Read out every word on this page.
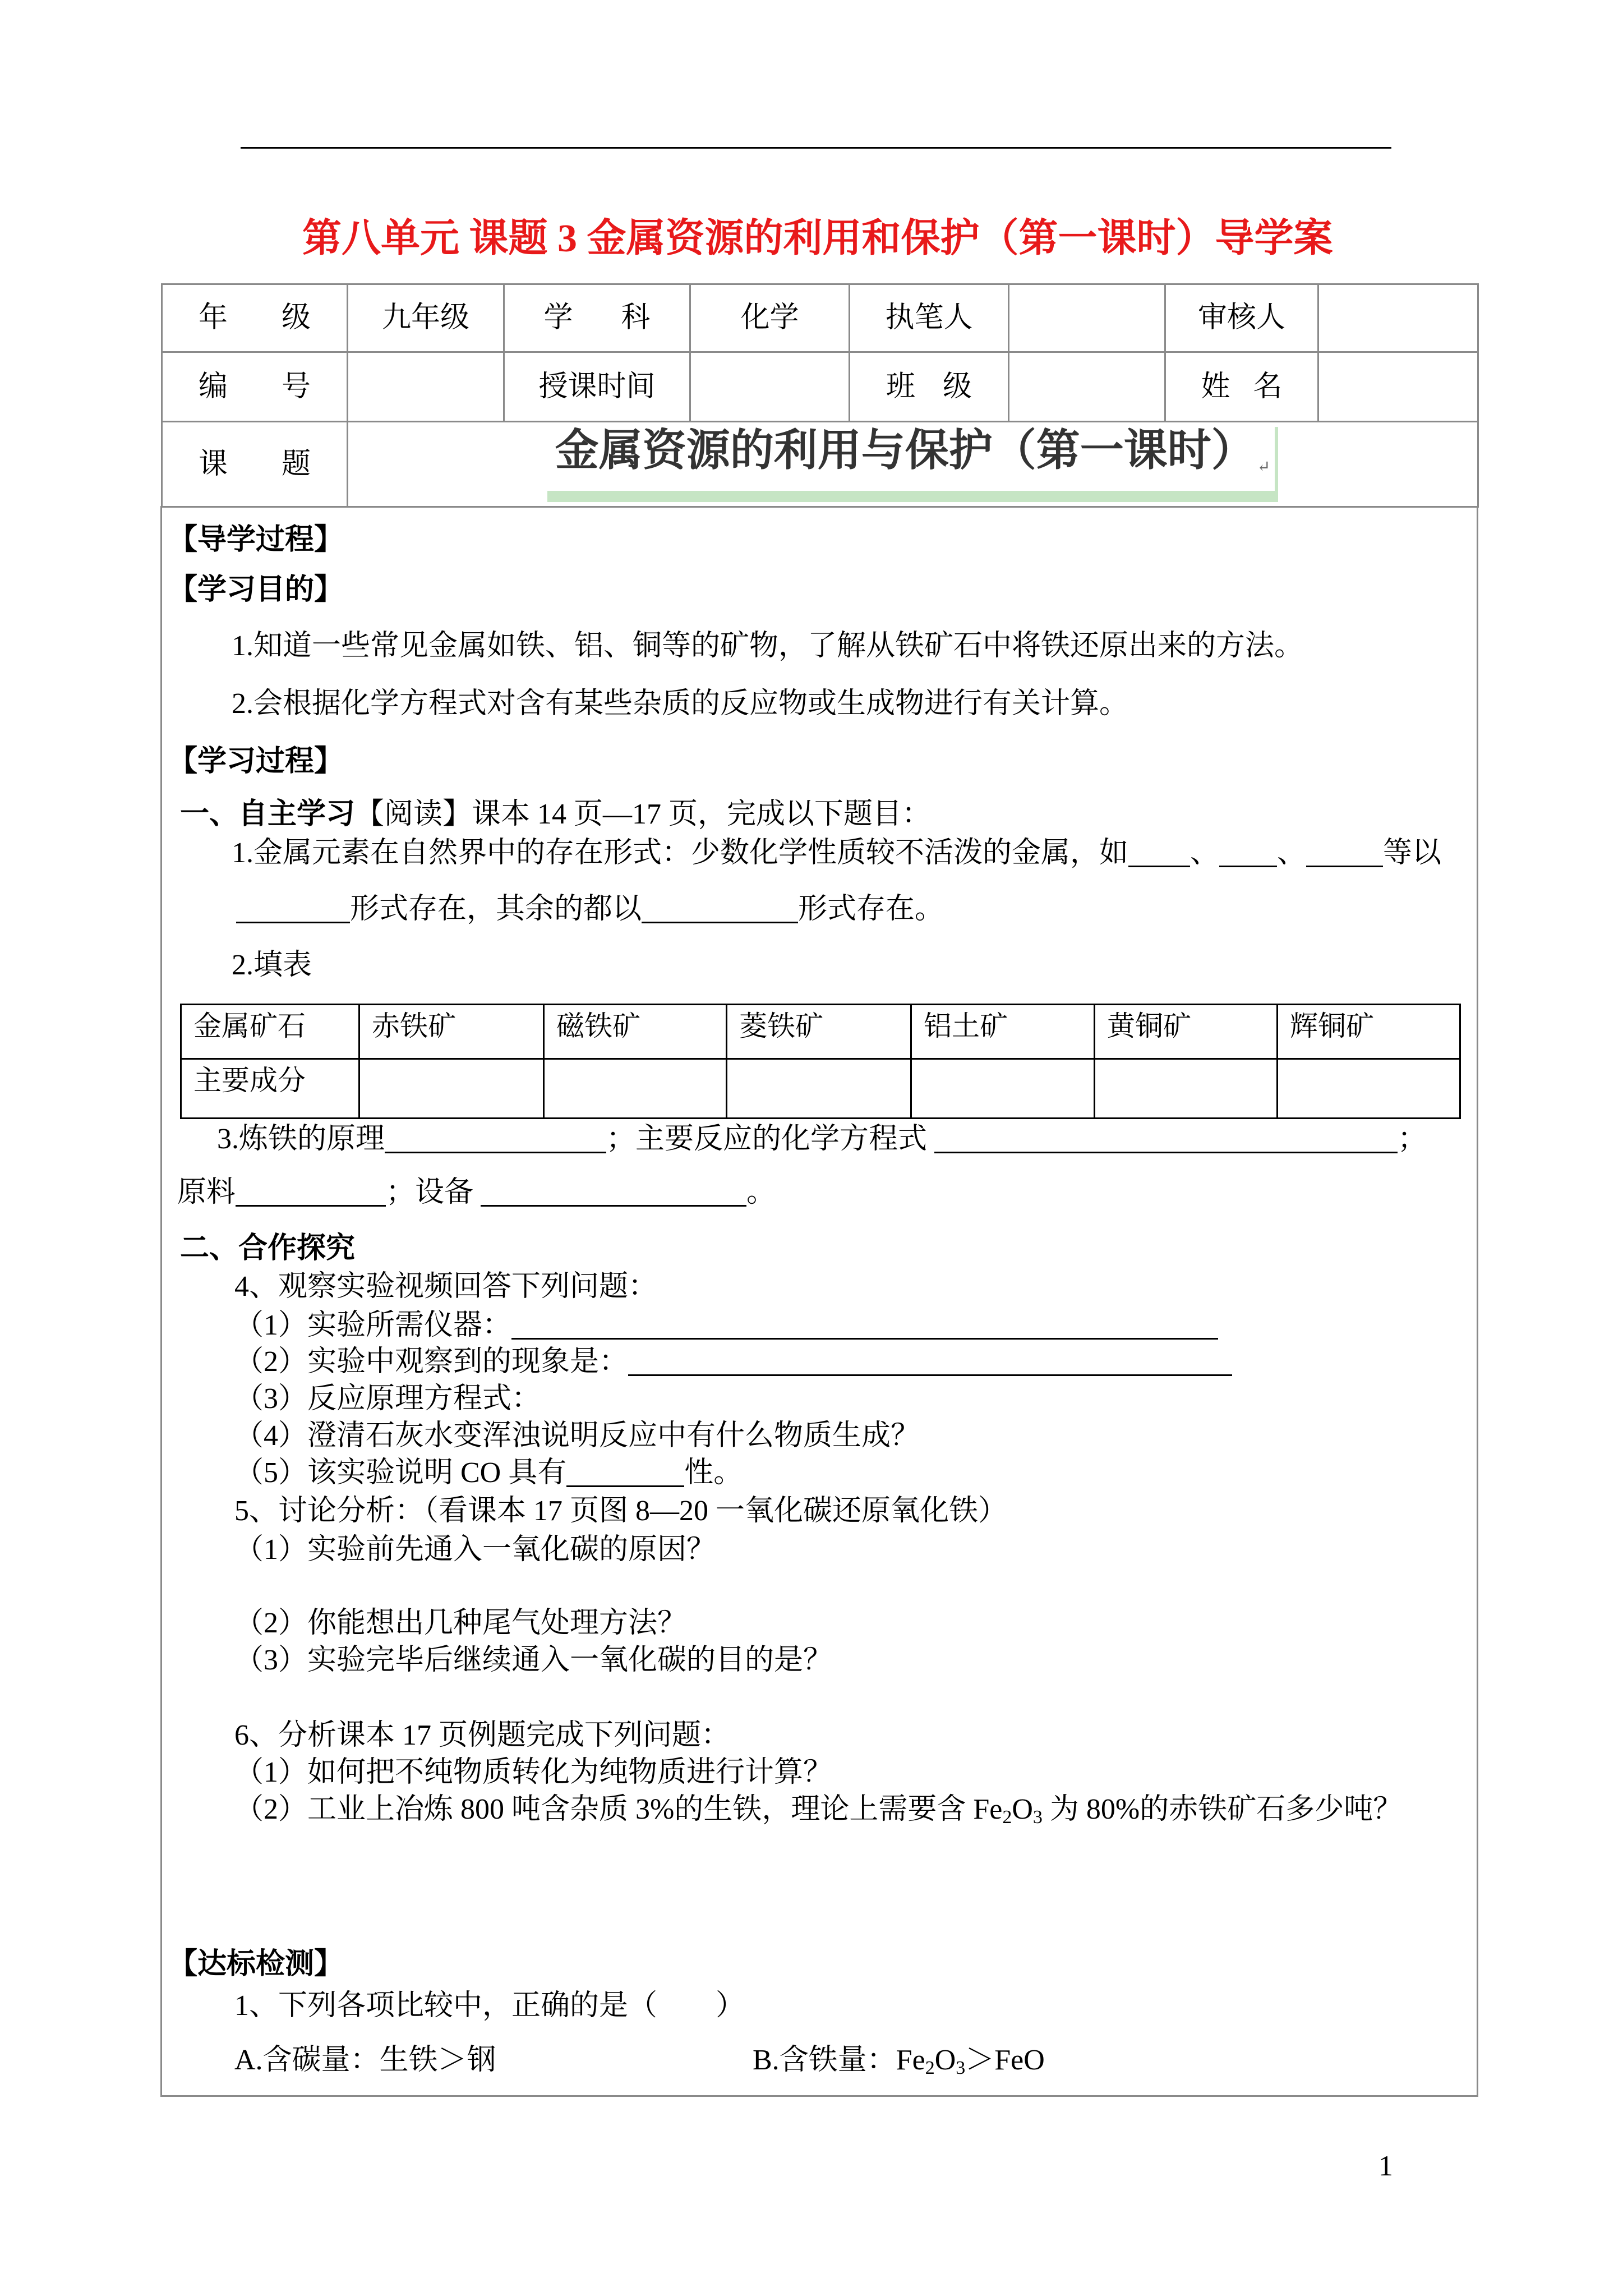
第八单元 课题 3 金属资源的利用和保护（第一课时）导学案
年 级	九年级	学 科	化学	执笔人		审核人	
编 号		授课时间		班 级		姓 名	
课 题	金属资源的利用与保护（第一课时） $_↵$
【导学过程】
【学习目的】
1.知道一些常见金属如铁、铝、铜等的矿物，了解从铁矿石中将铁还原出来的方法。
2.会根据化学方程式对含有某些杂质的反应物或生成物进行有关计算。
【学习过程】
一、自主学习【阅读】课本 14 页—17 页，完成以下题目：
1.金属元素在自然界中的存在形式：少数化学性质较不活泼的金属，如 、 、	等以
形式存在，其余的都以	形式存在。
2.填表
金属矿石	赤铁矿	磁铁矿	菱铁矿	铝土矿	黄铜矿	辉铜矿
主要成分						
3.炼铁的原理	；主要反应的化学方程式	；
原料	；设备	。
二、合作探究
4、观察实验视频回答下列问题：
（1）实验所需仪器：
（2）实验中观察到的现象是：
（3）反应原理方程式：
（4）澄清石灰水变浑浊说明反应中有什么物质生成？
（5）该实验说明 CO 具有	性。
5、讨论分析：（看课本 17 页图 8—20 一氧化碳还原氧化铁）
（1）实验前先通入一氧化碳的原因？
（2）你能想出几种尾气处理方法？
（3）实验完毕后继续通入一氧化碳的目的是？
6、分析课本 17 页例题完成下列问题：
（1）如何把不纯物质转化为纯物质进行计算？
（2）工业上冶炼 800 吨含杂质 3%的生铁，理论上需要含 $Fe_2O_3$ 为 80%的赤铁矿石多少吨？
【达标检测】
1、下列各项比较中，正确的是（　　）
A.含碳量：生铁＞钢	B.含铁量：$Fe_2O_3>FeO$
1
